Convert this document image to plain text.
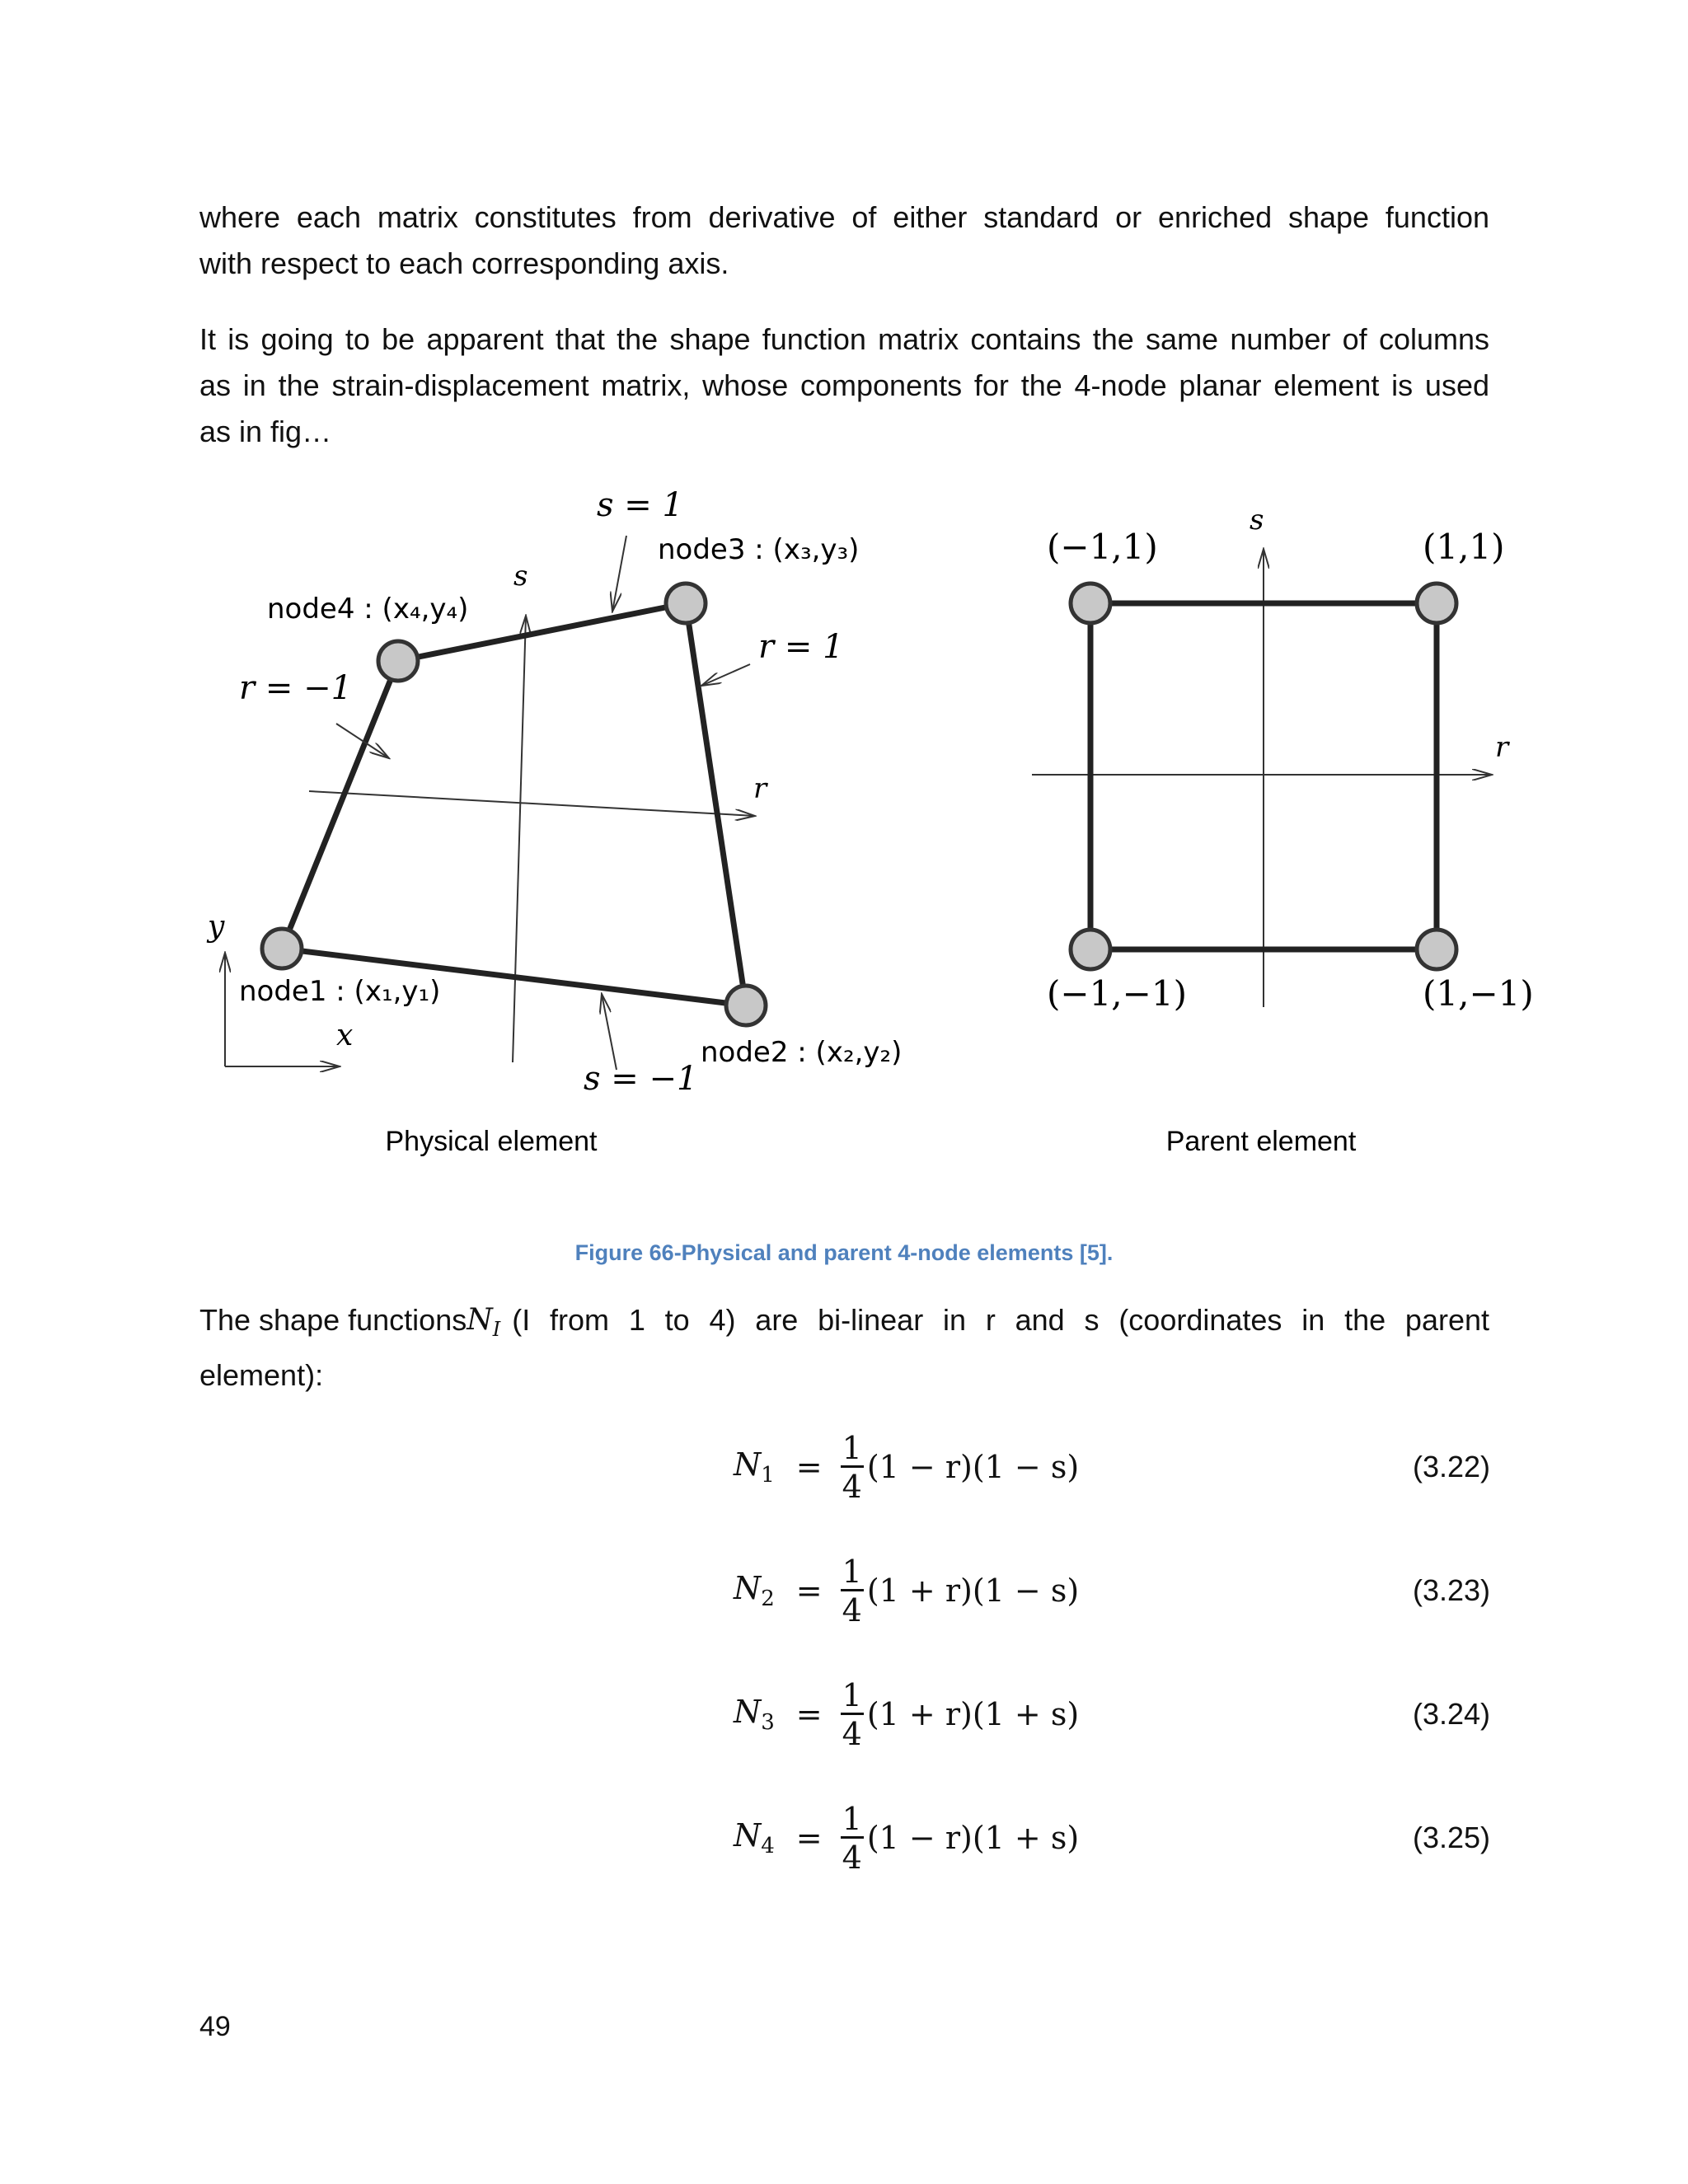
where each matrix constitutes from derivative of either standard or enriched shape function
with respect to each corresponding axis.
It is going to be apparent that the shape function matrix contains the same number of columns
as in the strain-displacement matrix, whose components for the 4-node planar element is used
as in fig…
y
x
r
s
s = 1
r = 1
r = −1
s = −1
node1 : (x₁,y₁)
node2 : (x₂,y₂)
node3 : (x₃,y₃)
node4 : (x₄,y₄)
Physical element
r
s
(−1,1)	(1,1)
(−1,−1)	(1,−1)
Parent element
Figure 66-Physical and parent 4-node elements [5].
The shape functions $N_I$ (I from 1 to 4) are bi-linear in r and s (coordinates in the parent
element):
$N_1 = \frac{1}{4} (1 - r)(1 - s)$	(3.22)
$N_2 = \frac{1}{4} (1 + r)(1 - s)$	(3.23)
$N_3 = \frac{1}{4} (1 + r)(1 + s)$	(3.24)
$N_4 = \frac{1}{4} (1 - r)(1 + s)$	(3.25)
49
